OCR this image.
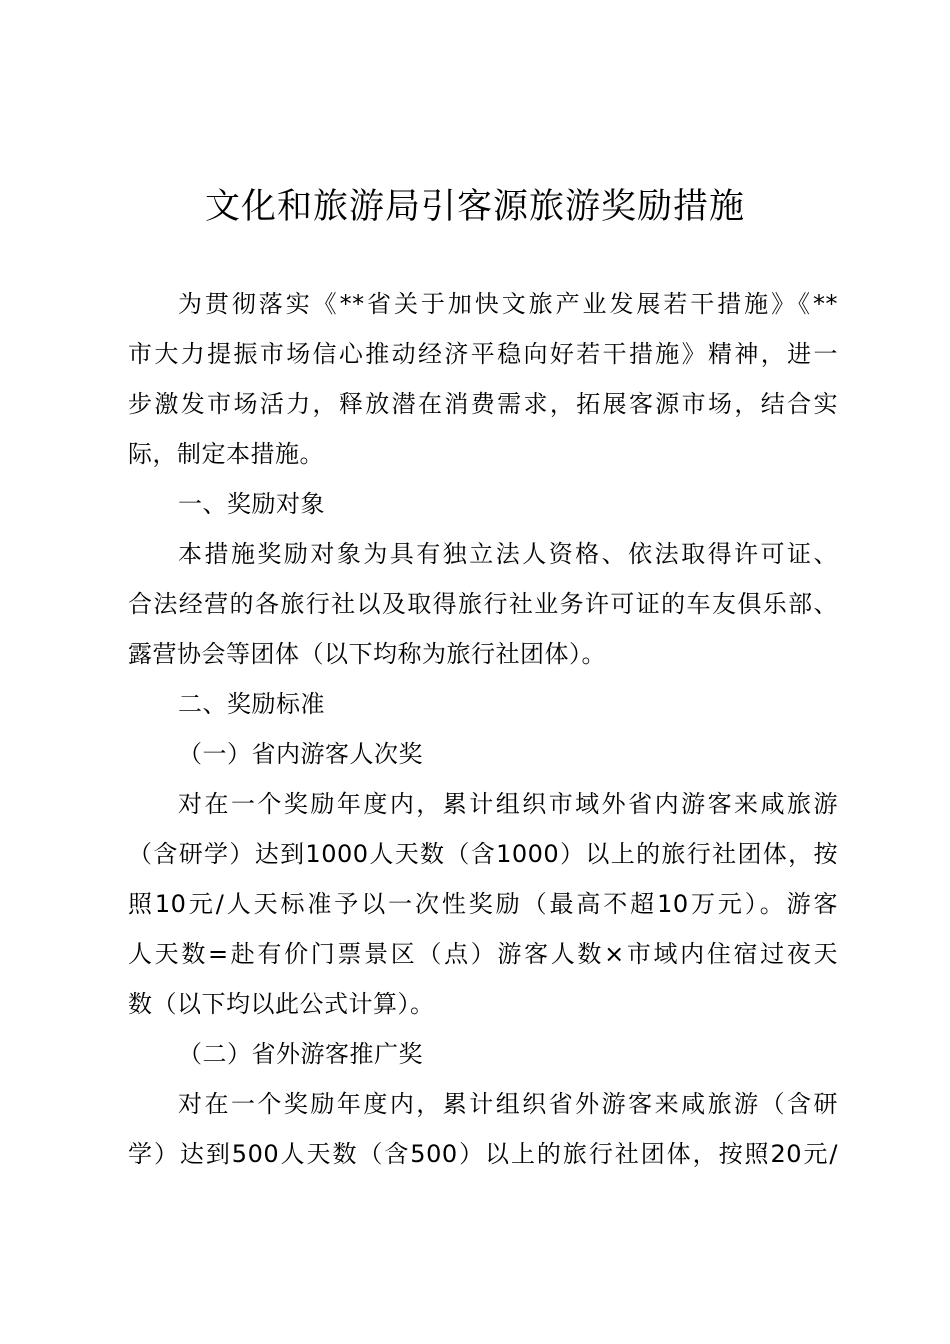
文化和旅游局引客源旅游奖励措施
为贯彻落实《**省关于加快文旅产业发展若干措施》《**
市大力提振市场信心推动经济平稳向好若干措施》精神，进一
步激发市场活力，释放潜在消费需求，拓展客源市场，结合实
际，制定本措施。
一、奖励对象
本措施奖励对象为具有独立法人资格、依法取得许可证、
合法经营的各旅行社以及取得旅行社业务许可证的车友俱乐部、
露营协会等团体（以下均称为旅行社团体）。
二、奖励标准
（一）省内游客人次奖
对在一个奖励年度内，累计组织市域外省内游客来咸旅游
（含研学）达到1000人天数（含1000）以上的旅行社团体，按
照10元/人天标准予以一次性奖励（最高不超10万元）。游客
人天数=赴有价门票景区（点）游客人数×市域内住宿过夜天
数（以下均以此公式计算）。
（二）省外游客推广奖
对在一个奖励年度内，累计组织省外游客来咸旅游（含研
学）达到500人天数（含500）以上的旅行社团体，按照20元/
